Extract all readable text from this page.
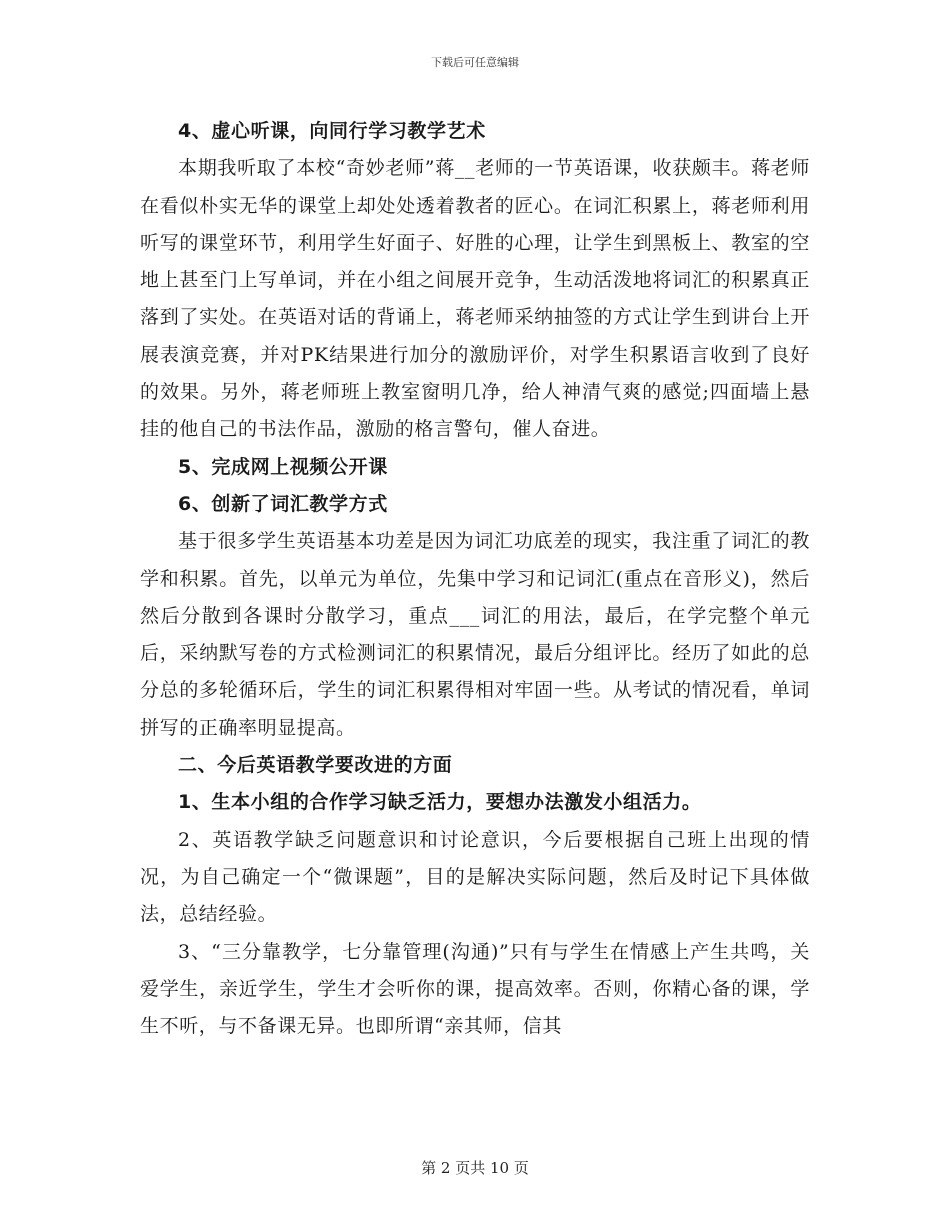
下载后可任意编辑

4、虚心听课，向同行学习教学艺术

本期我听取了本校“奇妙老师”蒋__老师的一节英语课，收获颇丰。蒋老师在看似朴实无华的课堂上却处处透着教者的匠心。在词汇积累上，蒋老师利用听写的课堂环节，利用学生好面子、好胜的心理，让学生到黑板上、教室的空地上甚至门上写单词，并在小组之间展开竞争，生动活泼地将词汇的积累真正落到了实处。在英语对话的背诵上，蒋老师采纳抽签的方式让学生到讲台上开展表演竞赛，并对PK结果进行加分的激励评价，对学生积累语言收到了良好的效果。另外，蒋老师班上教室窗明几净，给人神清气爽的感觉;四面墙上悬挂的他自己的书法作品，激励的格言警句，催人奋进。

5、完成网上视频公开课

6、创新了词汇教学方式

基于很多学生英语基本功差是因为词汇功底差的现实，我注重了词汇的教学和积累。首先，以单元为单位，先集中学习和记词汇(重点在音形义)，然后然后分散到各课时分散学习，重点___词汇的用法，最后，在学完整个单元后，采纳默写卷的方式检测词汇的积累情况，最后分组评比。经历了如此的总分总的多轮循环后，学生的词汇积累得相对牢固一些。从考试的情况看，单词拼写的正确率明显提高。

二、今后英语教学要改进的方面

1、生本小组的合作学习缺乏活力，要想办法激发小组活力。

2、英语教学缺乏问题意识和讨论意识，今后要根据自己班上出现的情况，为自己确定一个“微课题”，目的是解决实际问题，然后及时记下具体做法，总结经验。

3、“三分靠教学，七分靠管理(沟通)”只有与学生在情感上产生共鸣，关爱学生，亲近学生，学生才会听你的课，提高效率。否则，你精心备的课，学生不听，与不备课无异。也即所谓“亲其师，信其

第 2 页共 10 页
